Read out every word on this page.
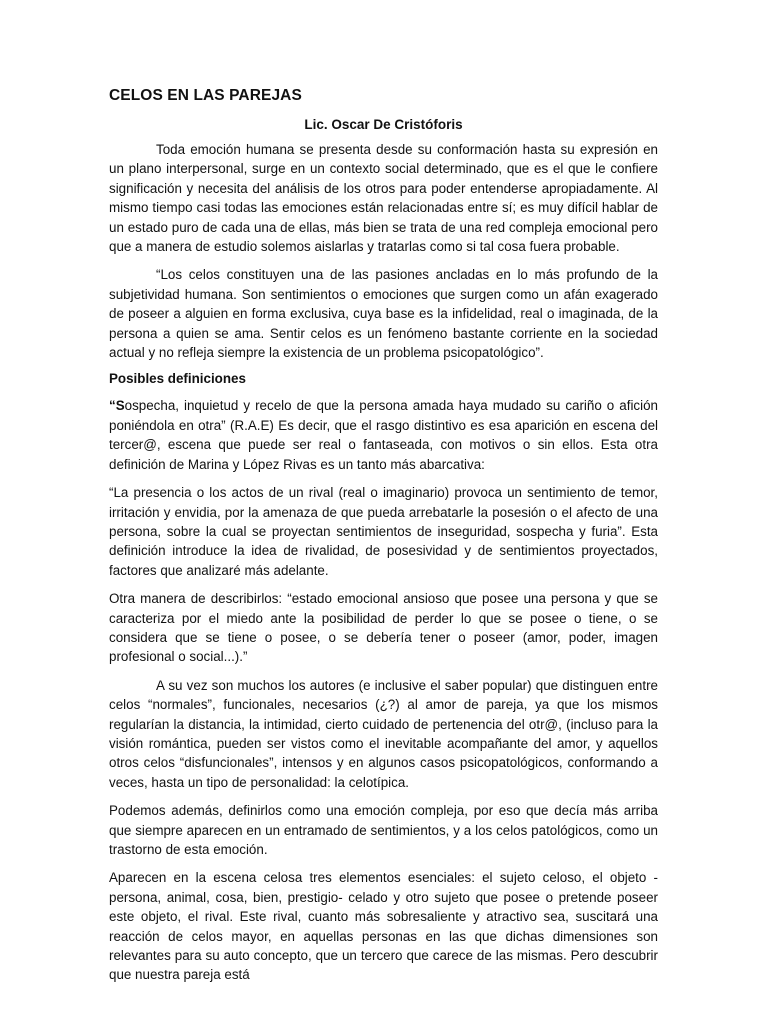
CELOS EN LAS PAREJAS
Lic. Oscar De Cristóforis

Toda emoción humana se presenta desde su conformación hasta su expresión en un plano interpersonal, surge en un contexto social determinado, que es el que le confiere significación y necesita del análisis de los otros para poder entenderse apropiadamente. Al mismo tiempo casi todas las emociones están relacionadas entre sí; es muy difícil hablar de un estado puro de cada una de ellas, más bien se trata de una red compleja emocional pero que a manera de estudio solemos aislarlas y tratarlas como si tal cosa fuera probable.

“Los celos constituyen una de las pasiones ancladas en lo más profundo de la subjetividad humana. Son sentimientos o emociones que surgen como un afán exagerado de poseer a alguien en forma exclusiva, cuya base es la infidelidad, real o imaginada, de la persona a quien se ama. Sentir celos es un fenómeno bastante corriente en la sociedad actual y no refleja siempre la existencia de un problema psicopatológico”.

Posibles definiciones

“Sospecha, inquietud y recelo de que la persona amada haya mudado su cariño o afición poniéndola en otra” (R.A.E) Es decir, que el rasgo distintivo es esa aparición en escena del tercer@, escena que puede ser real o fantaseada, con motivos o sin ellos. Esta otra definición de Marina y López Rivas es un tanto más abarcativa:

“La presencia o los actos de un rival (real o imaginario) provoca un sentimiento de temor, irritación y envidia, por la amenaza de que pueda arrebatarle la posesión o el afecto de una persona, sobre la cual se proyectan sentimientos de inseguridad, sospecha y furia”. Esta definición introduce la idea de rivalidad, de posesividad y de sentimientos proyectados, factores que analizaré más adelante.

Otra manera de describirlos: “estado emocional ansioso que posee una persona y que se caracteriza por el miedo ante la posibilidad de perder lo que se posee o tiene, o se considera que se tiene o posee, o se debería tener o poseer (amor, poder, imagen profesional o social...).”

A su vez son muchos los autores (e inclusive el saber popular) que distinguen entre celos “normales”, funcionales, necesarios (¿?) al amor de pareja, ya que los mismos regularían la distancia, la intimidad, cierto cuidado de pertenencia del otr@, (incluso para la visión romántica, pueden ser vistos como el inevitable acompañante del amor, y aquellos otros celos “disfuncionales”, intensos y en algunos casos psicopatológicos, conformando a veces, hasta un tipo de personalidad: la celotípica.

Podemos además, definirlos como una emoción compleja, por eso que decía más arriba que siempre aparecen en un entramado de sentimientos, y a los celos patológicos, como un trastorno de esta emoción.

Aparecen en la escena celosa tres elementos esenciales: el sujeto celoso, el objeto -persona, animal, cosa, bien, prestigio- celado y otro sujeto que posee o pretende poseer este objeto, el rival. Este rival, cuanto más sobresaliente y atractivo sea, suscitará una reacción de celos mayor, en aquellas personas en las que dichas dimensiones son relevantes para su auto concepto, que un tercero que carece de las mismas. Pero descubrir que nuestra pareja está
